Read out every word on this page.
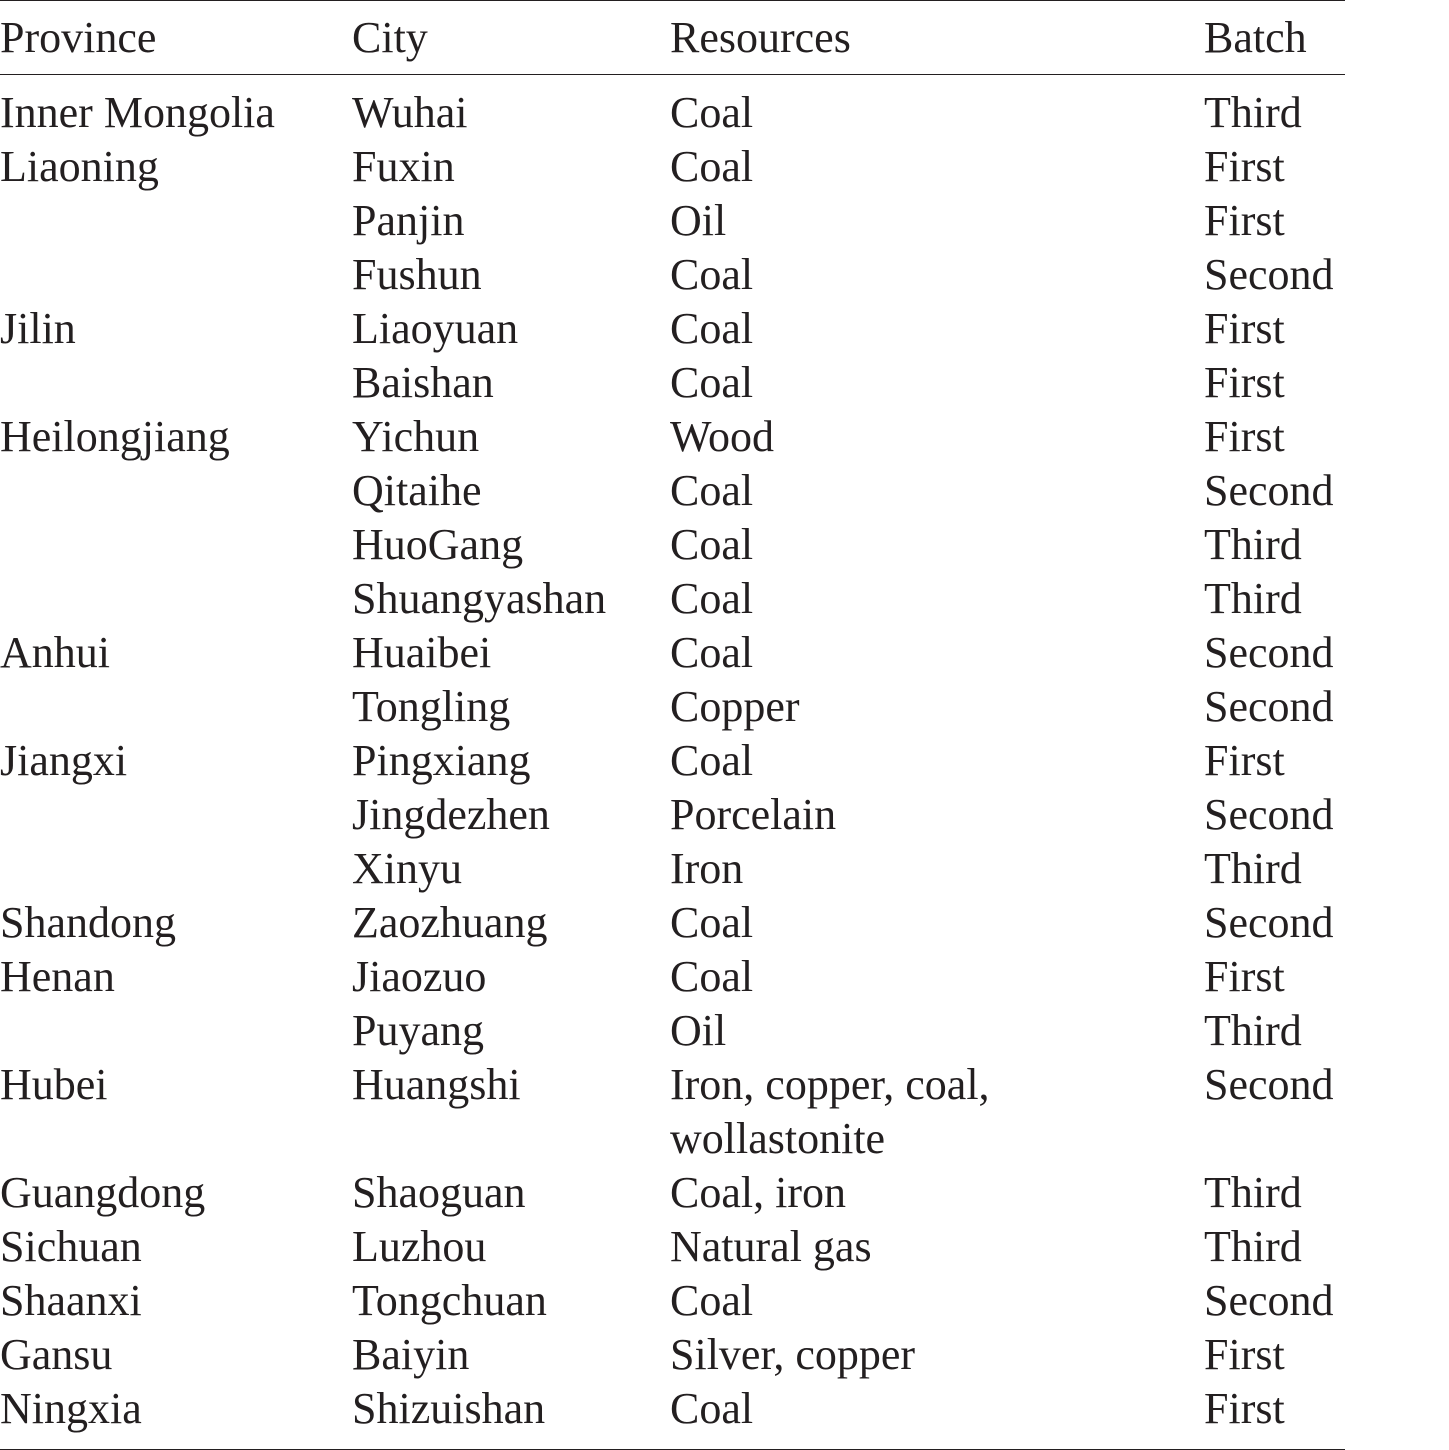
Province	City	Resources	Batch
Inner Mongolia	Wuhai	Coal	Third
Liaoning	Fuxin	Coal	First
	Panjin	Oil	First
	Fushun	Coal	Second
Jilin	Liaoyuan	Coal	First
	Baishan	Coal	First
Heilongjiang	Yichun	Wood	First
	Qitaihe	Coal	Second
	HuoGang	Coal	Third
	Shuangyashan	Coal	Third
Anhui	Huaibei	Coal	Second
	Tongling	Copper	Second
Jiangxi	Pingxiang	Coal	First
	Jingdezhen	Porcelain	Second
	Xinyu	Iron	Third
Shandong	Zaozhuang	Coal	Second
Henan	Jiaozuo	Coal	First
	Puyang	Oil	Third
Hubei	Huangshi	Iron, copper, coal, wollastonite	Second
Guangdong	Shaoguan	Coal, iron	Third
Sichuan	Luzhou	Natural gas	Third
Shaanxi	Tongchuan	Coal	Second
Gansu	Baiyin	Silver, copper	First
Ningxia	Shizuishan	Coal	First
